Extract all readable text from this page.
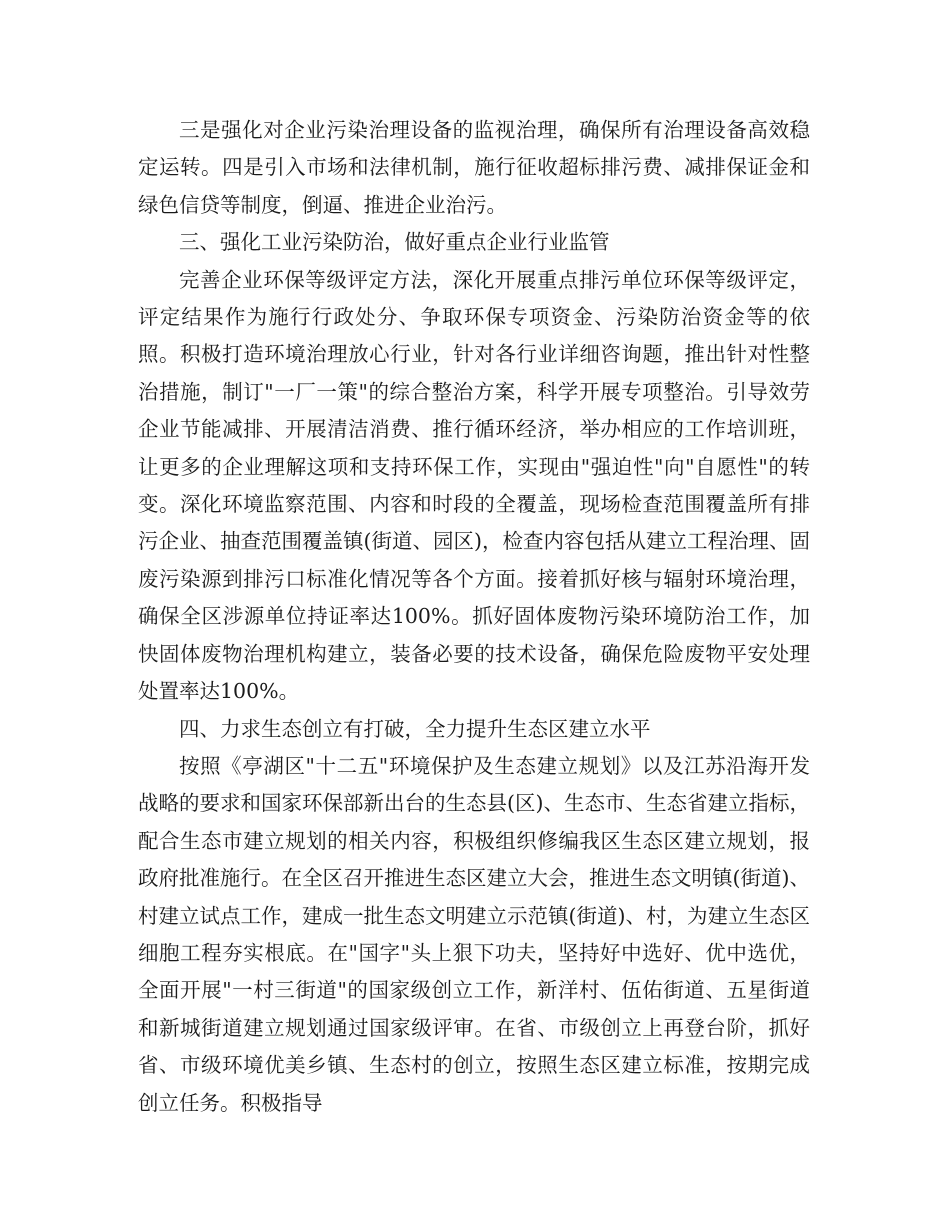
三是强化对企业污染治理设备的监视治理，确保所有治理设备高效稳定运转。四是引入市场和法律机制，施行征收超标排污费、减排保证金和绿色信贷等制度，倒逼、推进企业治污。

三、强化工业污染防治，做好重点企业行业监管

完善企业环保等级评定方法，深化开展重点排污单位环保等级评定，评定结果作为施行行政处分、争取环保专项资金、污染防治资金等的依照。积极打造环境治理放心行业，针对各行业详细咨询题，推出针对性整治措施，制订"一厂一策"的综合整治方案，科学开展专项整治。引导效劳企业节能减排、开展清洁消费、推行循环经济，举办相应的工作培训班，让更多的企业理解这项和支持环保工作，实现由"强迫性"向"自愿性"的转变。深化环境监察范围、内容和时段的全覆盖，现场检查范围覆盖所有排污企业、抽查范围覆盖镇(街道、园区)，检查内容包括从建立工程治理、固废污染源到排污口标准化情况等各个方面。接着抓好核与辐射环境治理，确保全区涉源单位持证率达100%。抓好固体废物污染环境防治工作，加快固体废物治理机构建立，装备必要的技术设备，确保危险废物平安处理处置率达100%。

四、力求生态创立有打破，全力提升生态区建立水平

按照《亭湖区"十二五"环境保护及生态建立规划》以及江苏沿海开发战略的要求和国家环保部新出台的生态县(区)、生态市、生态省建立指标，配合生态市建立规划的相关内容，积极组织修编我区生态区建立规划，报政府批准施行。在全区召开推进生态区建立大会，推进生态文明镇(街道)、村建立试点工作，建成一批生态文明建立示范镇(街道)、村，为建立生态区细胞工程夯实根底。在"国字"头上狠下功夫，坚持好中选好、优中选优，全面开展"一村三街道"的国家级创立工作，新洋村、伍佑街道、五星街道和新城街道建立规划通过国家级评审。在省、市级创立上再登台阶，抓好省、市级环境优美乡镇、生态村的创立，按照生态区建立标准，按期完成创立任务。积极指导
